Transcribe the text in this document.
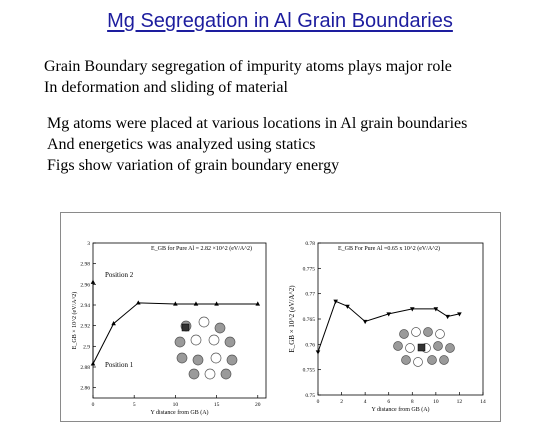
Mg Segregation in Al Grain Boundaries
Grain Boundary segregation of impurity atoms plays major role
In deformation and sliding of material
Mg atoms were placed at various locations in Al grain boundaries
And energetics was analyzed using statics
Figs show variation of grain boundary energy
2.86
2.88
2.9
2.92
2.94
2.96
2.98
3
0	5	10	15	20
Y distance from GB (A)
E_GB × 10^2 (eV/A^2)
E_GB for Pure Al = 2.82 ×10^2 (eV/A^2)
Position 2
Position 1
0.75
0.755
0.76
0.765
0.77
0.775
0.78
0	2	4	6	8	10	12	14
Y distance from GB (A)
E_GB × 10^2 (eV/A^2)
E_GB For Pure Al =0.65 x 10^2 (eV/A^2)
